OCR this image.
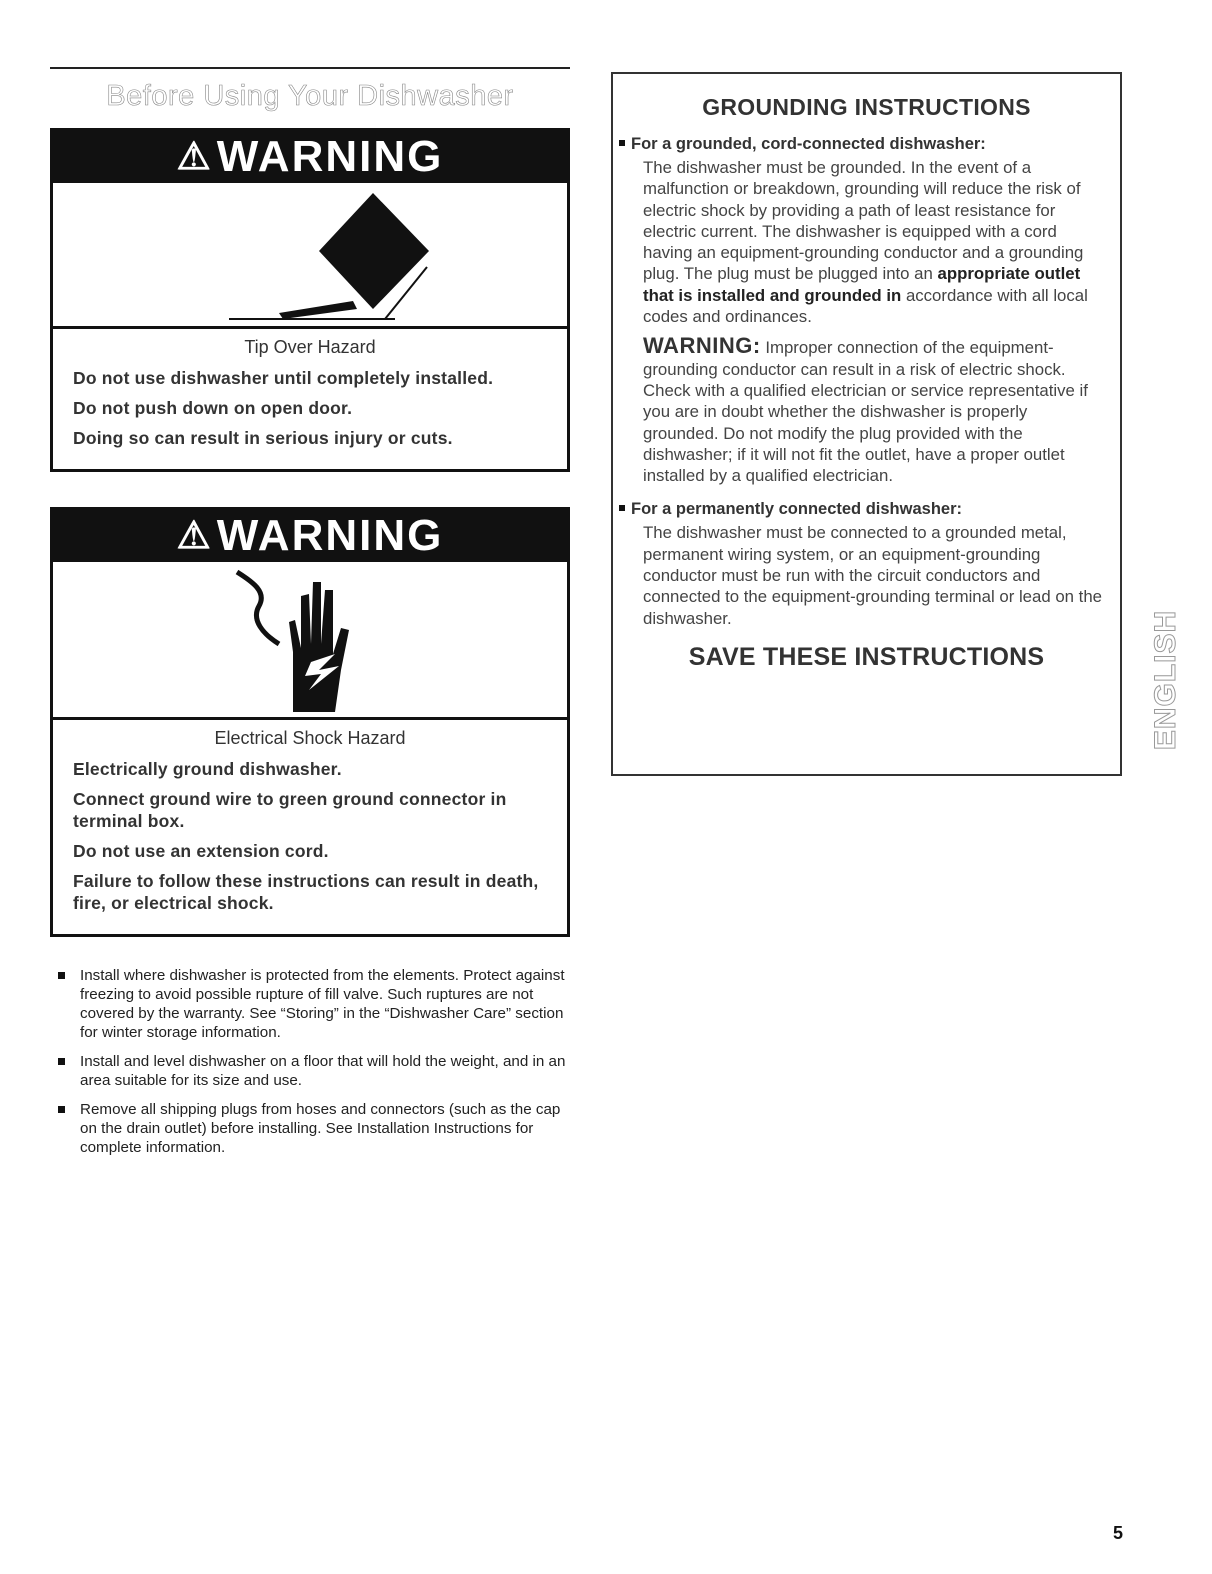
Before Using Your Dishwasher
⚠ WARNING
Tip Over Hazard
Do not use dishwasher until completely installed.
Do not push down on open door.
Doing so can result in serious injury or cuts.
⚠ WARNING
Electrical Shock Hazard
Electrically ground dishwasher.
Connect ground wire to green ground connector in terminal box.
Do not use an extension cord.
Failure to follow these instructions can result in death, fire, or electrical shock.
Install where dishwasher is protected from the elements. Protect against freezing to avoid possible rupture of fill valve. Such ruptures are not covered by the warranty. See “Storing” in the “Dishwasher Care” section for winter storage information.
Install and level dishwasher on a floor that will hold the weight, and in an area suitable for its size and use.
Remove all shipping plugs from hoses and connectors (such as the cap on the drain outlet) before installing. See Installation Instructions for complete information.
GROUNDING INSTRUCTIONS
For a grounded, cord-connected dishwasher:
The dishwasher must be grounded. In the event of a malfunction or breakdown, grounding will reduce the risk of electric shock by providing a path of least resistance for electric current. The dishwasher is equipped with a cord having an equipment-grounding conductor and a grounding plug. The plug must be plugged into an appropriate outlet that is installed and grounded in accordance with all local codes and ordinances.
WARNING: Improper connection of the equipment-grounding conductor can result in a risk of electric shock. Check with a qualified electrician or service representative if you are in doubt whether the dishwasher is properly grounded. Do not modify the plug provided with the dishwasher; if it will not fit the outlet, have a proper outlet installed by a qualified electrician.
For a permanently connected dishwasher:
The dishwasher must be connected to a grounded metal, permanent wiring system, or an equipment-grounding conductor must be run with the circuit conductors and connected to the equipment-grounding terminal or lead on the dishwasher.
SAVE THESE INSTRUCTIONS	ENGLISH
5
